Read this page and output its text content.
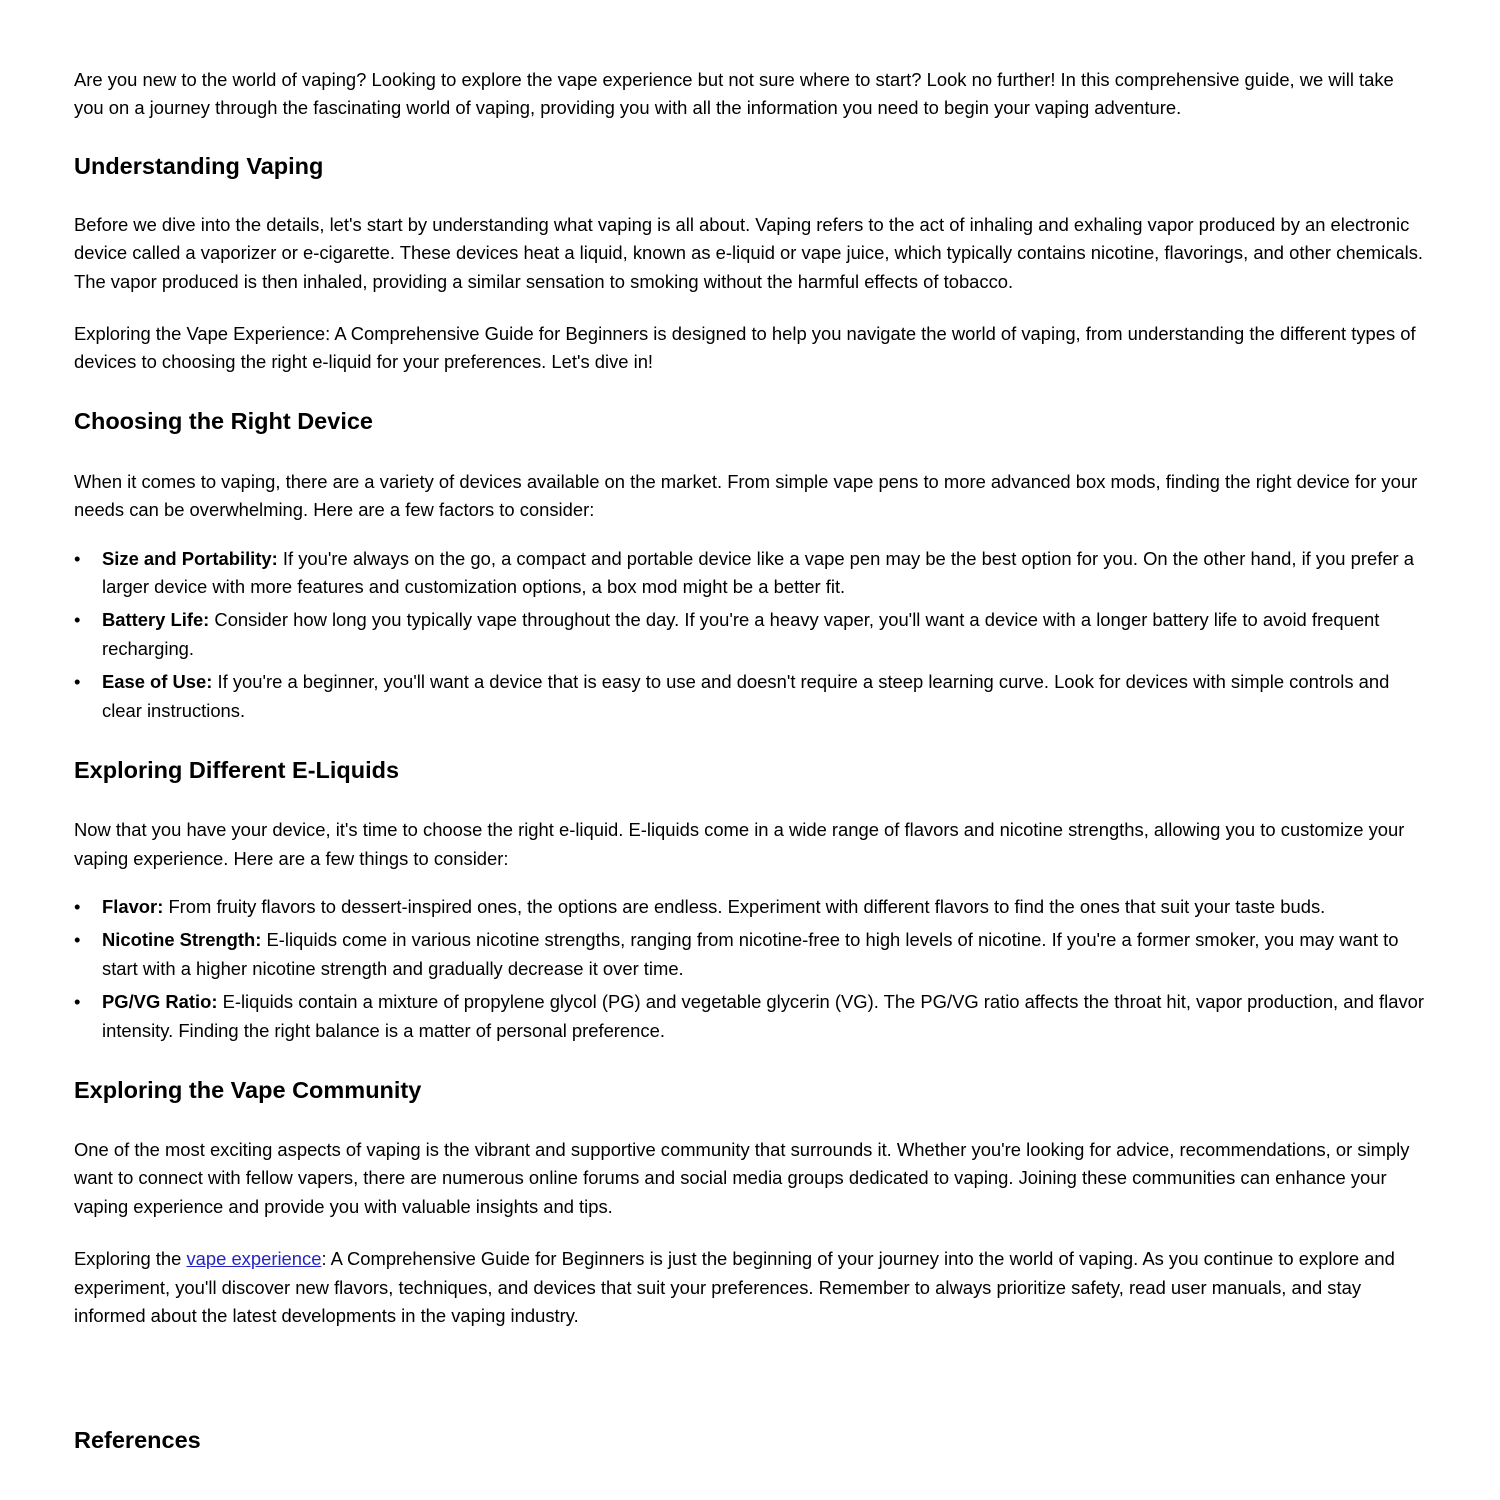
Are you new to the world of vaping? Looking to explore the vape experience but not sure where to start? Look no further! In this comprehensive guide, we will take you on a journey through the fascinating world of vaping, providing you with all the information you need to begin your vaping adventure.

Understanding Vaping

Before we dive into the details, let's start by understanding what vaping is all about. Vaping refers to the act of inhaling and exhaling vapor produced by an electronic device called a vaporizer or e-cigarette. These devices heat a liquid, known as e-liquid or vape juice, which typically contains nicotine, flavorings, and other chemicals. The vapor produced is then inhaled, providing a similar sensation to smoking without the harmful effects of tobacco.

Exploring the Vape Experience: A Comprehensive Guide for Beginners is designed to help you navigate the world of vaping, from understanding the different types of devices to choosing the right e-liquid for your preferences. Let's dive in!

Choosing the Right Device

When it comes to vaping, there are a variety of devices available on the market. From simple vape pens to more advanced box mods, finding the right device for your needs can be overwhelming. Here are a few factors to consider:

• Size and Portability: If you're always on the go, a compact and portable device like a vape pen may be the best option for you. On the other hand, if you prefer a larger device with more features and customization options, a box mod might be a better fit.
• Battery Life: Consider how long you typically vape throughout the day. If you're a heavy vaper, you'll want a device with a longer battery life to avoid frequent recharging.
• Ease of Use: If you're a beginner, you'll want a device that is easy to use and doesn't require a steep learning curve. Look for devices with simple controls and clear instructions.
Exploring Different E-Liquids

Now that you have your device, it's time to choose the right e-liquid. E-liquids come in a wide range of flavors and nicotine strengths, allowing you to customize your vaping experience. Here are a few things to consider:

• Flavor: From fruity flavors to dessert-inspired ones, the options are endless. Experiment with different flavors to find the ones that suit your taste buds.
• Nicotine Strength: E-liquids come in various nicotine strengths, ranging from nicotine-free to high levels of nicotine. If you're a former smoker, you may want to start with a higher nicotine strength and gradually decrease it over time.
• PG/VG Ratio: E-liquids contain a mixture of propylene glycol (PG) and vegetable glycerin (VG). The PG/VG ratio affects the throat hit, vapor production, and flavor intensity. Finding the right balance is a matter of personal preference.
Exploring the Vape Community

One of the most exciting aspects of vaping is the vibrant and supportive community that surrounds it. Whether you're looking for advice, recommendations, or simply want to connect with fellow vapers, there are numerous online forums and social media groups dedicated to vaping. Joining these communities can enhance your vaping experience and provide you with valuable insights and tips.

Exploring the vape experience: A Comprehensive Guide for Beginners is just the beginning of your journey into the world of vaping. As you continue to explore and experiment, you'll discover new flavors, techniques, and devices that suit your preferences. Remember to always prioritize safety, read user manuals, and stay informed about the latest developments in the vaping industry.

References
